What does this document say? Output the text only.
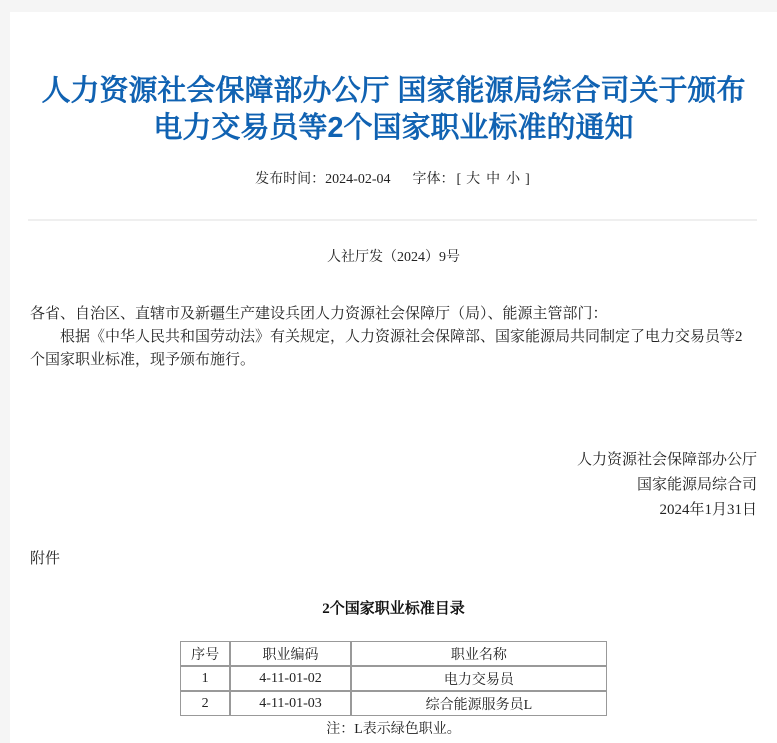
人力资源社会保障部办公厅 国家能源局综合司关于颁布电力交易员等2个国家职业标准的通知
发布时间：2024-02-04 字体： [ 大 中 小 ]
人社厅发（2024）9号

各省、自治区、直辖市及新疆生产建设兵团人力资源社会保障厅（局）、能源主管部门：

根据《中华人民共和国劳动法》有关规定，人力资源社会保障部、国家能源局共同制定了电力交易员等2个国家职业标准，现予颁布施行。

人力资源社会保障部办公厅
国家能源局综合司
2024年1月31日
附件
2个国家职业标准目录
序号	职业编码	职业名称
1	4-11-01-02	电力交易员
2	4-11-01-03	综合能源服务员L
注：L表示绿色职业。
